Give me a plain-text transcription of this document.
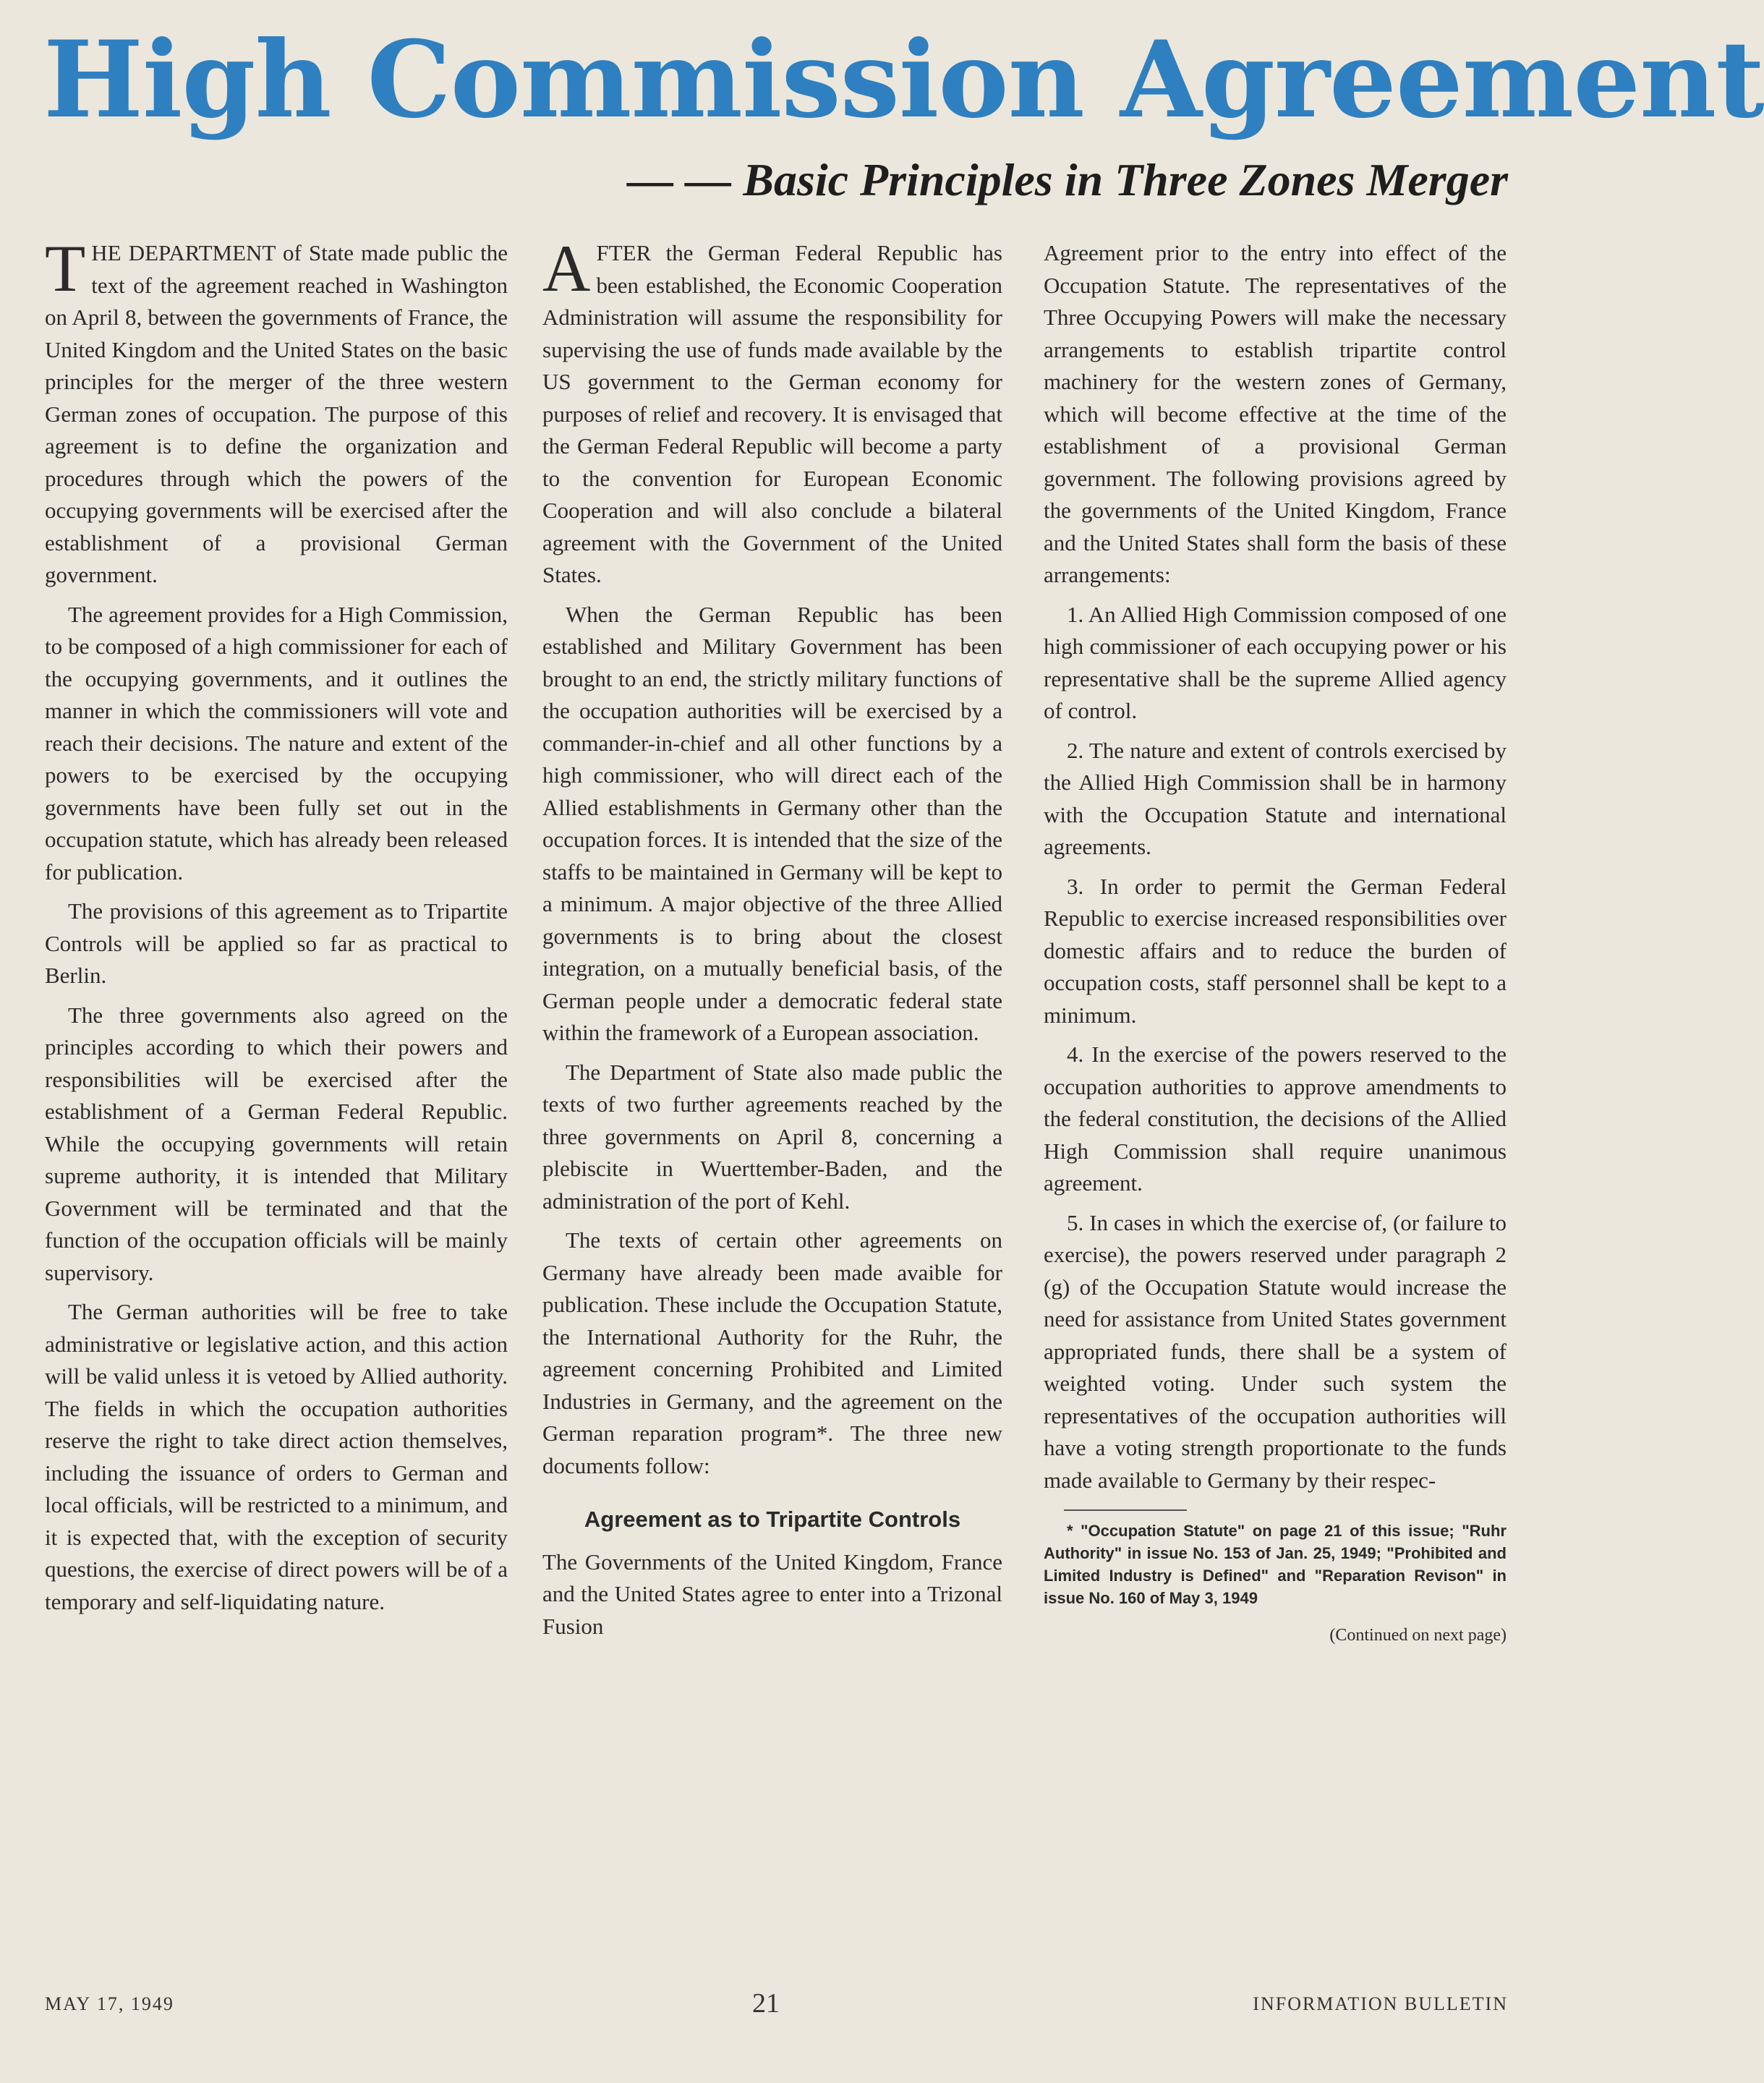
High Commission Agreement
— — Basic Principles in Three Zones Merger

THE DEPARTMENT of State made public the text of the agreement reached in Washington on April 8, between the governments of France, the United Kingdom and the United States on the basic principles for the merger of the three western German zones of occupation. The purpose of this agreement is to define the organization and procedures through which the powers of the occupying governments will be exercised after the establishment of a provisional German government.

The agreement provides for a High Commission, to be composed of a high commissioner for each of the occupying governments, and it outlines the manner in which the commissioners will vote and reach their decisions. The nature and extent of the powers to be exercised by the occupying governments have been fully set out in the occupation statute, which has already been released for publication.

The provisions of this agreement as to Tripartite Controls will be applied so far as practical to Berlin.

The three governments also agreed on the principles according to which their powers and responsibilities will be exercised after the establishment of a German Federal Republic. While the occupying governments will retain supreme authority, it is intended that Military Government will be terminated and that the function of the occupation officials will be mainly supervisory.

The German authorities will be free to take administrative or legislative action, and this action will be valid unless it is vetoed by Allied authority. The fields in which the occupation authorities reserve the right to take direct action themselves, including the issuance of orders to German and local officials, will be restricted to a minimum, and it is expected that, with the exception of security questions, the exercise of direct powers will be of a temporary and self-liquidating nature.

AFTER the German Federal Republic has been established, the Economic Cooperation Administration will assume the responsibility for supervising the use of funds made available by the US government to the German economy for purposes of relief and recovery. It is envisaged that the German Federal Republic will become a party to the convention for European Economic Cooperation and will also conclude a bilateral agreement with the Government of the United States.

When the German Republic has been established and Military Government has been brought to an end, the strictly military functions of the occupation authorities will be exercised by a commander-in-chief and all other functions by a high commissioner, who will direct each of the Allied establishments in Germany other than the occupation forces. It is intended that the size of the staffs to be maintained in Germany will be kept to a minimum. A major objective of the three Allied governments is to bring about the closest integration, on a mutually beneficial basis, of the German people under a democratic federal state within the framework of a European association.

The Department of State also made public the texts of two further agreements reached by the three governments on April 8, concerning a plebiscite in Wuerttember-Baden, and the administration of the port of Kehl.

The texts of certain other agreements on Germany have already been made avaible for publication. These include the Occupation Statute, the International Authority for the Ruhr, the agreement concerning Prohibited and Limited Industries in Germany, and the agreement on the German reparation program*. The three new documents follow:

Agreement as to Tripartite Controls

The Governments of the United Kingdom, France and the United States agree to enter into a Trizonal Fusion

Agreement prior to the entry into effect of the Occupation Statute. The representatives of the Three Occupying Powers will make the necessary arrangements to establish tripartite control machinery for the western zones of Germany, which will become effective at the time of the establishment of a provisional German government. The following provisions agreed by the governments of the United Kingdom, France and the United States shall form the basis of these arrangements:

1. An Allied High Commission composed of one high commissioner of each occupying power or his representative shall be the supreme Allied agency of control.

2. The nature and extent of controls exercised by the Allied High Commission shall be in harmony with the Occupation Statute and international agreements.

3. In order to permit the German Federal Republic to exercise increased responsibilities over domestic affairs and to reduce the burden of occupation costs, staff personnel shall be kept to a minimum.

4. In the exercise of the powers reserved to the occupation authorities to approve amendments to the federal constitution, the decisions of the Allied High Commission shall require unanimous agreement.

5. In cases in which the exercise of, (or failure to exercise), the powers reserved under paragraph 2 (g) of the Occupation Statute would increase the need for assistance from United States government appropriated funds, there shall be a system of weighted voting. Under such system the representatives of the occupation authorities will have a voting strength proportionate to the funds made available to Germany by their respec-

* "Occupation Statute" on page 21 of this issue; "Ruhr Authority" in issue No. 153 of Jan. 25, 1949; "Prohibited and Limited Industry is Defined" and "Reparation Revison" in issue No. 160 of May 3, 1949

(Continued on next page)
MAY 17, 1949	21	INFORMATION BULLETIN
